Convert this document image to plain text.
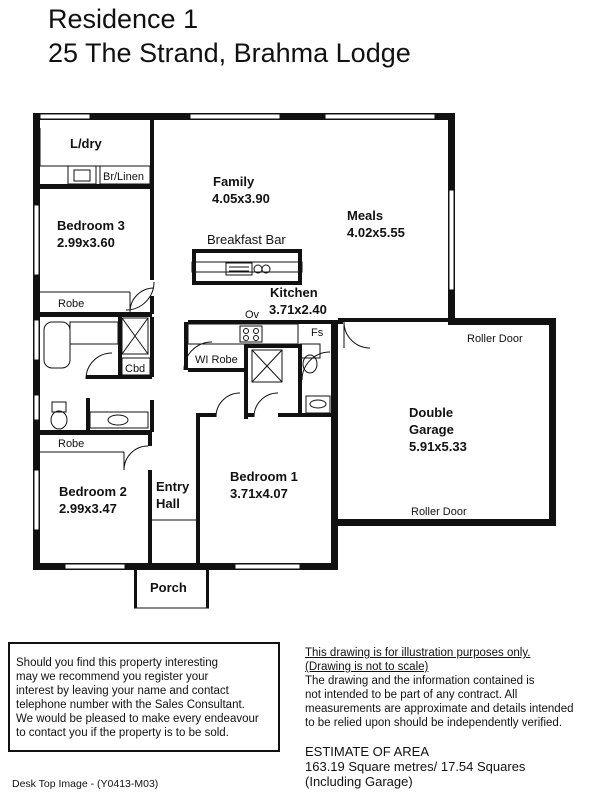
Residence 1
25 The Strand, Brahma Lodge
L/dry
Br/Linen	Family
4.05x3.90
Meals
4.02x5.55
Bedroom 3
2.99x3.60	Breakfast Bar
Kitchen
3.71x2.40
Ov
Fs
Robe
WI Robe
Cbd
Roller Door
Double
Garage
5.91x5.33
Robe
Bedroom 1
3.71x4.07
Entry
Hall
Bedroom 2
2.99x3.47	Roller Door
Porch
Should you find this property interesting
may we recommend you register your
interest by leaving your name and contact
telephone number with the Sales Consultant.
We would be pleased to make every endeavour
to contact you if the property is to be sold.
This drawing is for illustration purposes only.
(Drawing is not to scale)
The drawing and the information contained is
not intended to be part of any contract. All
measurements are approximate and details intended
to be relied upon should be independently verified.
ESTIMATE OF AREA
163.19 Square metres/ 17.54 Squares
(Including Garage)
Desk Top Image - (Y0413-M03)
